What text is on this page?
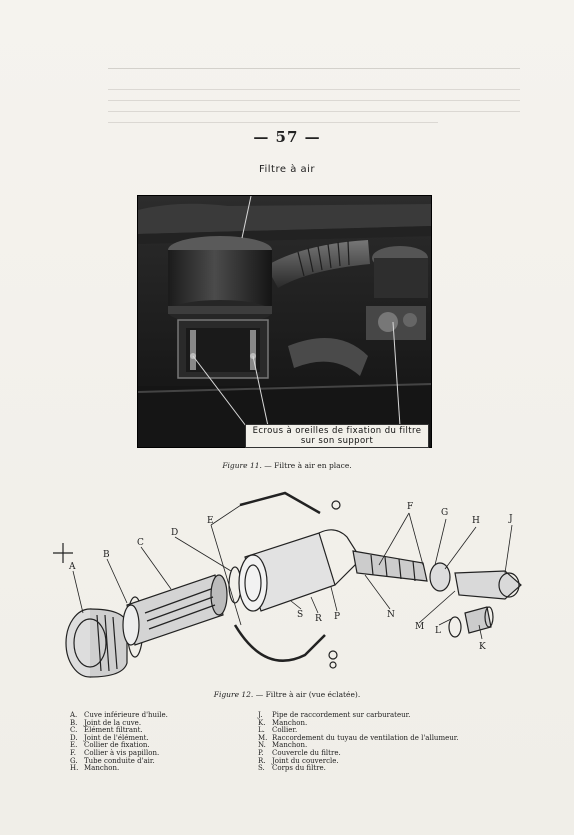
— 57 —
Filtre à air
Ecrous à oreilles de fixation du filtre
sur son support
Figure 11. — Filtre à air en place.
A
B
C
D
E
F
G
H	J
K
L
M
N
P
R
S
Figure 12. — Filtre à air (vue éclatée).
A. Cuve inférieure d'huile.
B. Joint de la cuve.
C. Élément filtrant.
D. Joint de l'élément.
E. Collier de fixation.
F.	Collier à vis papillon.
G. Tube conduite d'air.
H. Manchon.
J.	Pipe de raccordement sur carburateur.
K. Manchon.
L.	Collier.
M. Raccordement du tuyau de ventilation de l'allumeur.
N. Manchon.
P.	Couvercle du filtre.
R. Joint du couvercle.
S.	Corps du filtre.
